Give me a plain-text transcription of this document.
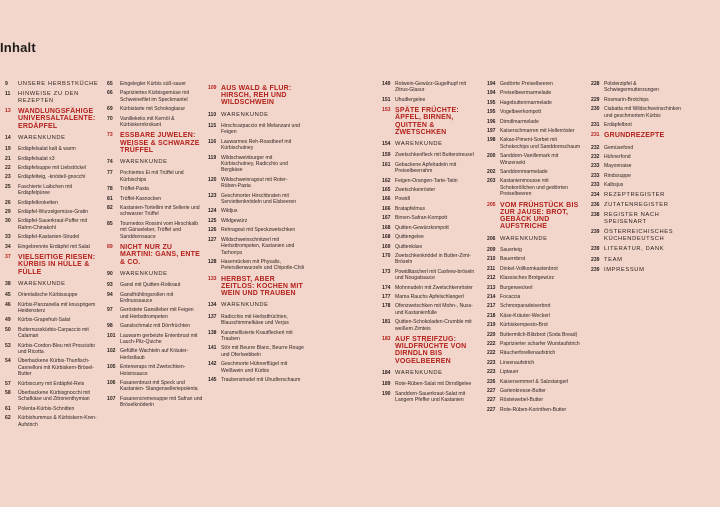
Inhalt
9	UNSERE HERBSTKÜCHE
11	HINWEISE ZU DEN REZEPTEN
13	WANDLUNGSFÄHIGE UNIVERSALTALENTE: ERDÄPFEL
14	WARENKUNDE
19	Erdäpfelsalat kalt & warm
21	Erdäpfelsalat x3
22	Erdäpfelsuppe mit Liebstöckel
23	Erdäpfelteig, -knödel/-gnocchi
25	Faschierte Laibchen mit Erdäpfelpüree
26	Erdäpfelkroketten
29	Erdäpfel-Wurzelgemüse-Gratin
30	Erdäpfel-Sauerkraut-Puffer mit Rahm-Chinakohl
33	Erdäpfel-Kastanien-Strudel
34	Eingebrennte Erdäpfel mit Salat
37	VIELSEITIGE RIESEN: KÜRBIS IN HÜLLE & FÜLLE
38	WARENKUNDE
45	Orientalische Kürbissuppe
46	Kürbis-Panzanella mit knusprigem Heidensterz
49	Kürbis-Grapefruit-Salat
50	Butternusskürbis-Carpaccio mit Calamari
53	Kürbis-Cordon-Bleu mit Prosciutto und Ricotta
54	Überbackene Kürbis-Thunfisch-Cannelloni mit Kürbiskern-Brösel-Butter
57	Kürbiscurry mit Erdäpfel-Reis
58	Überbackene Kürbisgnocchi mit Schafkäse und Zitronenthymian
61	Polenta-Kürbis-Schnitten
62	Kürbishummus & Kürbiskern-Kren-Aufstrich
65	Eingelegter Kürbis süß-sauer
66	Papriziertes Kürbisgemüse mit Schweinefilet im Speckmantel
69	Kürbistarte mit Schokoglasur
70	Vanillekeks mit Kernöl & Kürbiskernkrokant
73	ESSBARE JUWELEN: WEISSE & SCHWARZE TRÜFFEL
74	WARENKUNDE
77	Pochiertes Ei mit Trüffel und Kürbischips
78	Trüffel-Pasta
81	Trüffel-Kasnocken
82	Kastanien-Tortellini mit Sellerie und schwarzer Trüffel
85	Tournedos Rossini vom Hirschkalb mit Gänseleber, Trüffel und Sanddornsauce
89	NICHT NUR ZU MARTINI: GANS, ENTE & CO.
90	WARENKUNDE
93	Gansl mit Quitten-Rotkraut
94	Ganslfrühlingsrollen mit Erdnusssauce
97	Geröstete Ganslleber mit Feigen und Herbsttrompeten
98	Ganslschmalz mit Dörrfrüchten
101 Lauwarm gerbeizte Entenbrust mit Lauch-Pilz-Quiche
102 Gefüllte Wachteln auf Kräuter-Herbstlaub
105 Entenwraps mit Zwetschken-Hoisinsauce
106 Fasanenbrust mit Speck und Kastanien- Stangenselleriepolenta
107 Fasanencremesuppe mit Safran und Bröselknöderln
109 AUS WALD & FLUR: HIRSCH, REH UND WILDSCHWEIN
110 WARENKUNDE
115 Hirschcarpaccio mit Melanzani und Feigen
116 Lauwarmes Reh-Roastbeef mit Kürbischutney
119 Wildschweinburger mit Kürbischutney, Radicchio und Bergkäse
120 Wildschweinragout mit Roter-Rüben-Pasta
123 Geschmorter Hirschbraten mit Serviettenknödeln und Elsbeeren
124 Wildjus
125 Wildgewürz
126 Rehragout mit Speckzwetschken
127 Wildschweinschnitzerl mit Herbsttrompeten, Kastanien und Tarhonya
128 Hasenrücken mit Physalis, Petersilienwurzeln und Chipotle-Chili
133 HERBST, ABER ZEITLOS: KOCHEN MIT WEIN UND TRAUBEN
134 WARENKUNDE
137 Radicchio mit Herbstfrüchten, Blauschimmelkäse und Verjus
138 Karamellisierte Krautfleckerl mit Trauben
141 Stör mit Beurre Blanc, Beurre Rouge und Oferlwebbeln
142 Geschmorte Hühnerflügel mit Weißwein und Kürbis
145 Traubenstrudel mit Uhudlerschaum
149 Rotwein-Gewürz-Gugelhupf mit Zitrus-Glasur
151 Uhudlergelee
153 SPÄTE FRÜCHTE: ÄPFEL, BIRNEN, QUITTEN & ZWETSCHKEN
154 WARENKUNDE
159 Zwetschkenfleck mit Butterstreusel
161 Gebackene Apfelradeln mit Preiselbeerrahm
162 Feigen-Orangen-Tarte-Tatin
165 Zwetschkenröster
166 Powidl
166 Bratapfelmus
167 Birnen-Safran-Kompott
168 Quitten-Gewürzkompott
168 Quittengelee
169 Quittenkäse
170 Zwetschkenknödel in Butter-Zimt-Bröseln
173 Powidltascherl mit Cashew-bröseln und Nougatsauce
174 Mohnnudeln mit Zwetschkenröster
177 Mama Rauchs Apfelschlangerl
178 Ofenzwetschken mit Mohn-, Nuss- und Kastanienfülle
181 Quitten-Schokoladen-Crumble mit weißem Zimteis
183 AUF STREIFZUG: WILDFRÜCHTE VON DIRNDLN BIS VOGELBEEREN
184 WARENKUNDE
189 Rote-Rüben-Salat mit Dirndlgelee
190 Sanddorn-Sauerkraut-Salat mit Langem Pfeffer und Kastanien
194 Gedörrte Preiselbeeren
194 Preiselbeermarmelade
195 Hagebuttenmarmelade
195 Vogelbeerkompott
196 Dirndlmarmelade
197 Kaiserschmarren mit Hollerröster
198 Kakao-Piment-Sorbet mit Schokochips und Sanddornschaum
200 Sanddorn-Vanillemark mit Winzersekt
202 Sanddornmarmelade
203 Kastanienmousse mit Schokoröllchen und gedörrten Preiselbeeren
205 VOM FRÜHSTÜCK BIS ZUR JAUSE: BROT, GEBÄCK UND AUFSTRICHE
206 WARENKUNDE
209 Sauerteig
210 Bauernbrot
211 Dinkel-Vollkornkastenbrot
212 Klassisches Brotgewürz
213 Burgerweckerl
214 Focaccia
217 Schmorparadeiserbrot
218 Käse-Kräuter-Weckerl
219 Kürbiskernpesto-Brot
220 Buttermilch-Blitzbrot (Soda Bread)
222 Paprizierter scharfer Wurstaufstrich
222 Räucherforellenaufstrich
223 Linsenaufstrich
223 Liptauer
226 Kaisersemmerl & Salzstangerl
227 Gartenkresse-Butter
227 Rösteiwebel-Butter
227 Rote-Rüben-Korinthen-Butter
228 Polsterzipfel & Schwiegermutterzungen
229 Rosmarin-Brotchips
230 Ciabatta mit Wildschweinschinken und geschmortem Kürbis
231 Erdäpfelbrot
231 GRUNDREZEPTE
232 Gemüsefond
232 Hühnerfond
233 Mayonnaise
233 Rindssuppe
233 Kalbsjus
234 REZEPTREGISTER
236 ZUTATENREGISTER
238 REGISTER NACH SPEISENART
239 ÖSTERREICHISCHES KÜCHENDEUTSCH
239 LITERATUR, DANK
239 TEAM
239 IMPRESSUM
